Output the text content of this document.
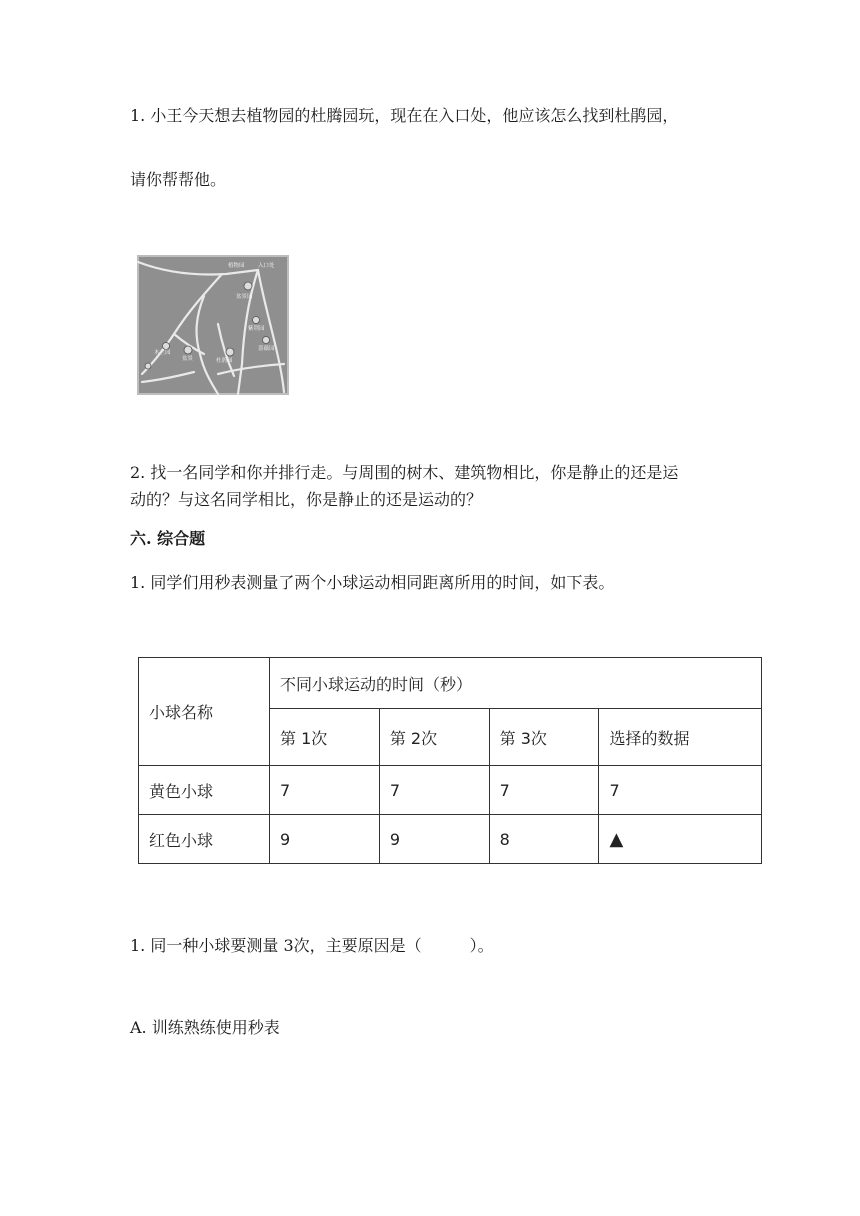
1. 小王今天想去植物园的杜腾园玩，现在在入口处，他应该怎么找到杜鹃园，
请你帮帮他。
植物园 入口处
盆景园
紫荆园
木兰园
盆景	杜鹃园
蔷薇园
2. 找一名同学和你并排行走。与周围的树木、建筑物相比，你是静止的还是运
动的？与这名同学相比，你是静止的还是运动的？
六. 综合题
1. 同学们用秒表测量了两个小球运动相同距离所用的时间，如下表。
小球名称	不同小球运动的时间（秒）			
	第 1次	第 2次	第 3次	选择的数据
黄色小球	7	7	7	7
红色小球	9	9	8	▲
1. 同一种小球要测量 3次，主要原因是（　　　）。
A. 训练熟练使用秒表
